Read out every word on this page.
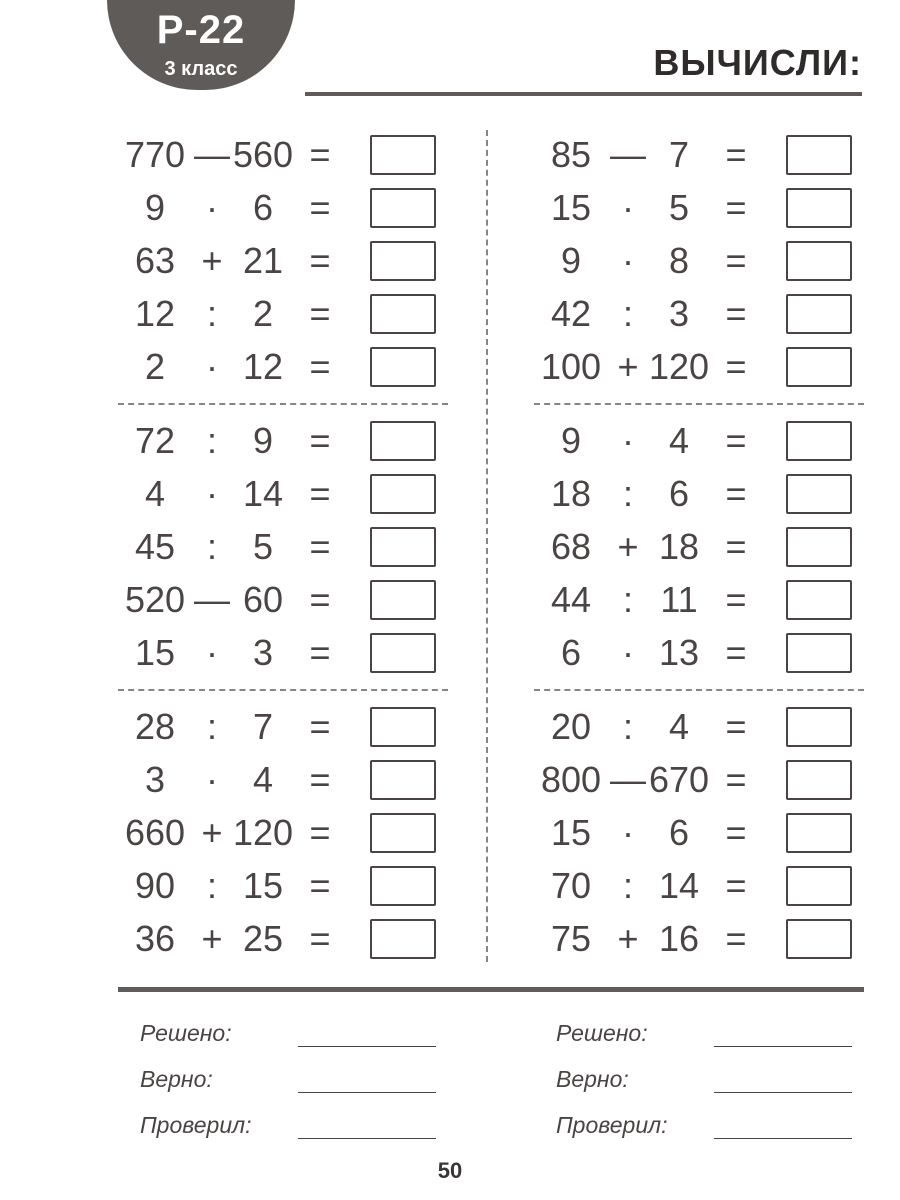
Р-22
3 класс	ВЫЧИСЛИ:
770 — 560 =
9	· 6	=
63 + 21 =
12 : 2	=
2	· 12 =
72 : 9	=
4	· 14 =
45 : 5	=
520 — 60 =
15 · 3	=
28 : 7	=
3	· 4	=
660 + 120 =
90 : 15 =
36 + 25 =
85 — 7	=
15 · 5	=
9	· 8	=
42 : 3	=
100 + 120 =
9	· 4	=
18 : 6	=
68 + 18 =
44 : 11 =
6	· 13 =
20 : 4	=
800 — 670 =
15 · 6	=
70 : 14 =
75 + 16 =
Решено:
Верно:
Проверил:
Решено:
Верно:
Проверил:
50
